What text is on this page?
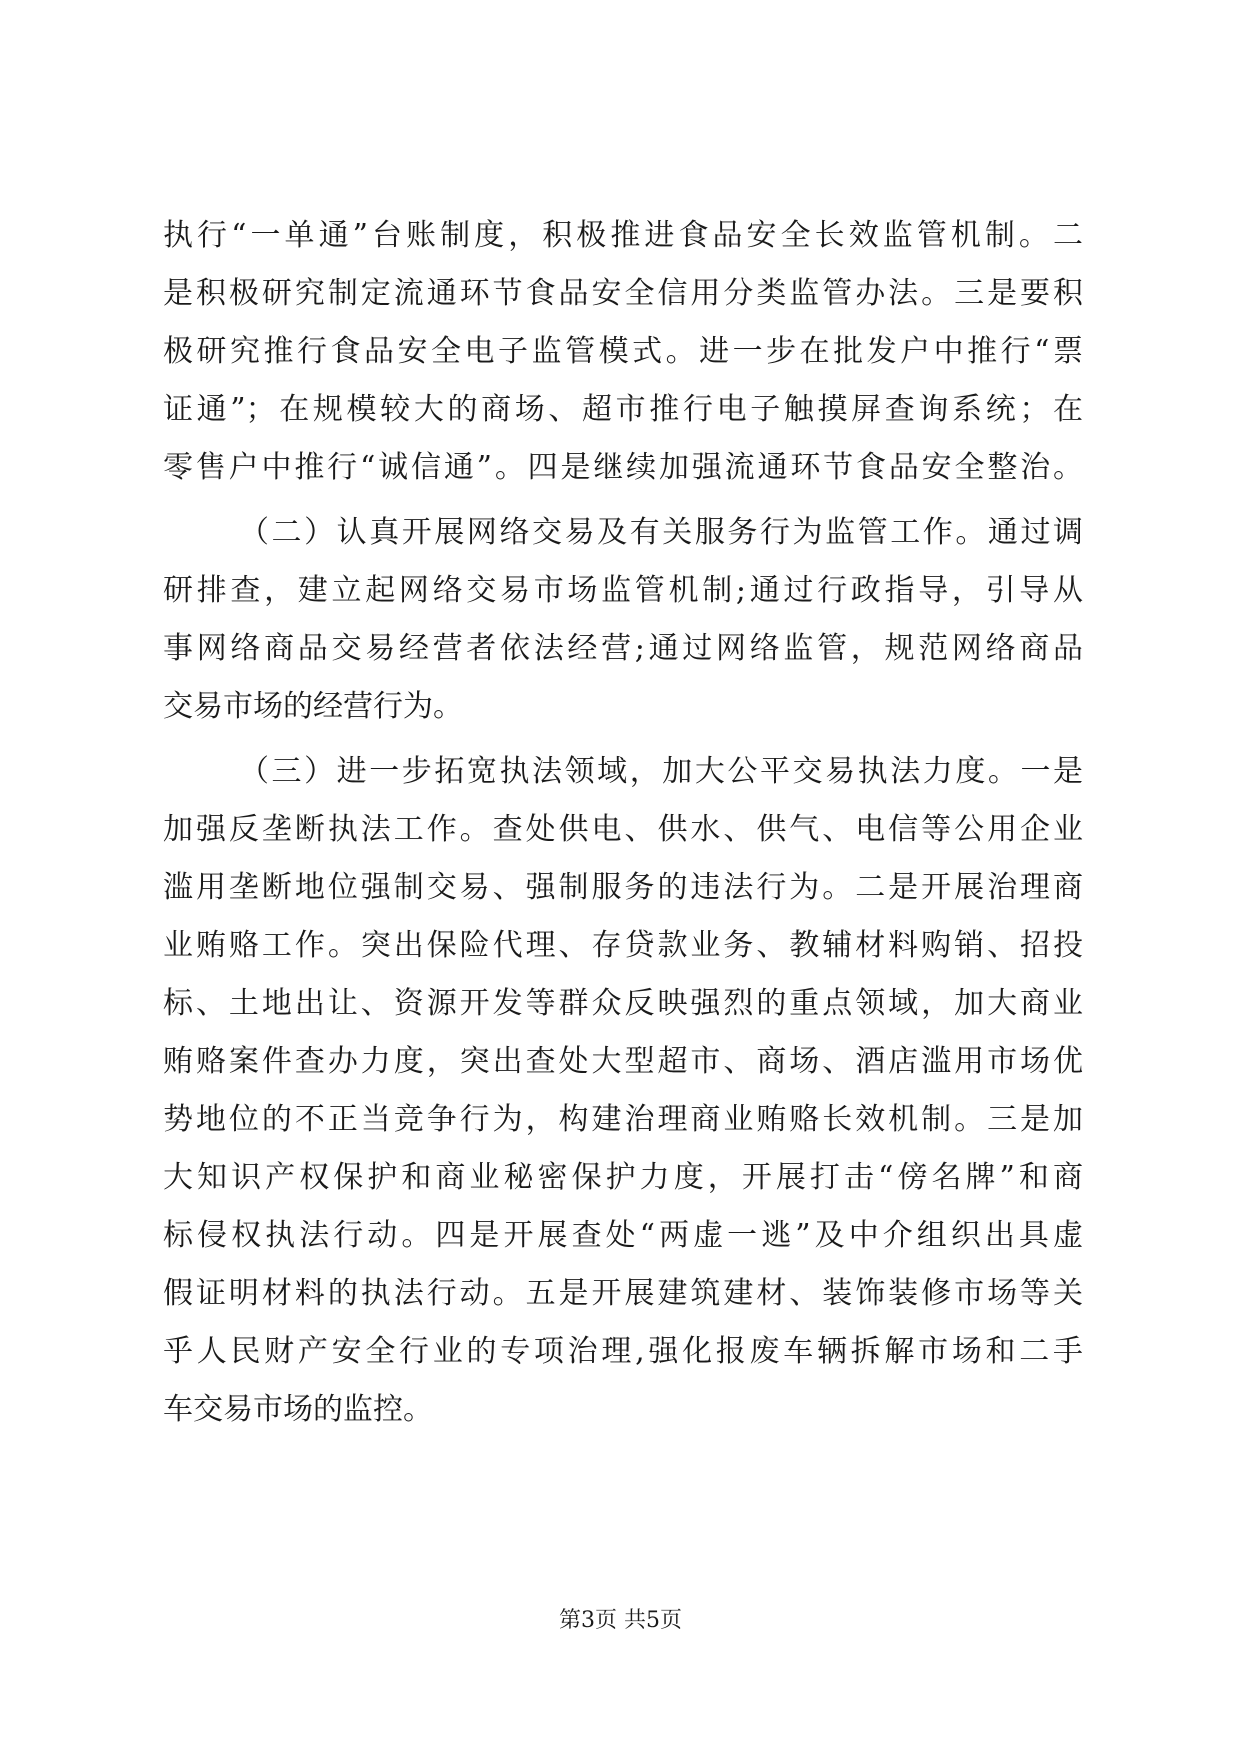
执行“一单通”台账制度，积极推进食品安全长效监管机制。二
是积极研究制定流通环节食品安全信用分类监管办法。三是要积
极研究推行食品安全电子监管模式。进一步在批发户中推行“票
证通”；在规模较大的商场、超市推行电子触摸屏查询系统；在
零售户中推行“诚信通”。四是继续加强流通环节食品安全整治。
（二）认真开展网络交易及有关服务行为监管工作。通过调
研排查，建立起网络交易市场监管机制;通过行政指导，引导从
事网络商品交易经营者依法经营;通过网络监管，规范网络商品
交易市场的经营行为。
（三）进一步拓宽执法领域，加大公平交易执法力度。一是
加强反垄断执法工作。查处供电、供水、供气、电信等公用企业
滥用垄断地位强制交易、强制服务的违法行为。二是开展治理商
业贿赂工作。突出保险代理、存贷款业务、教辅材料购销、招投
标、土地出让、资源开发等群众反映强烈的重点领域，加大商业
贿赂案件查办力度，突出查处大型超市、商场、酒店滥用市场优
势地位的不正当竞争行为，构建治理商业贿赂长效机制。三是加
大知识产权保护和商业秘密保护力度，开展打击“傍名牌”和商
标侵权执法行动。四是开展查处“两虚一逃”及中介组织出具虚
假证明材料的执法行动。五是开展建筑建材、装饰装修市场等关
乎人民财产安全行业的专项治理,强化报废车辆拆解市场和二手
车交易市场的监控。
第3页 共5页
